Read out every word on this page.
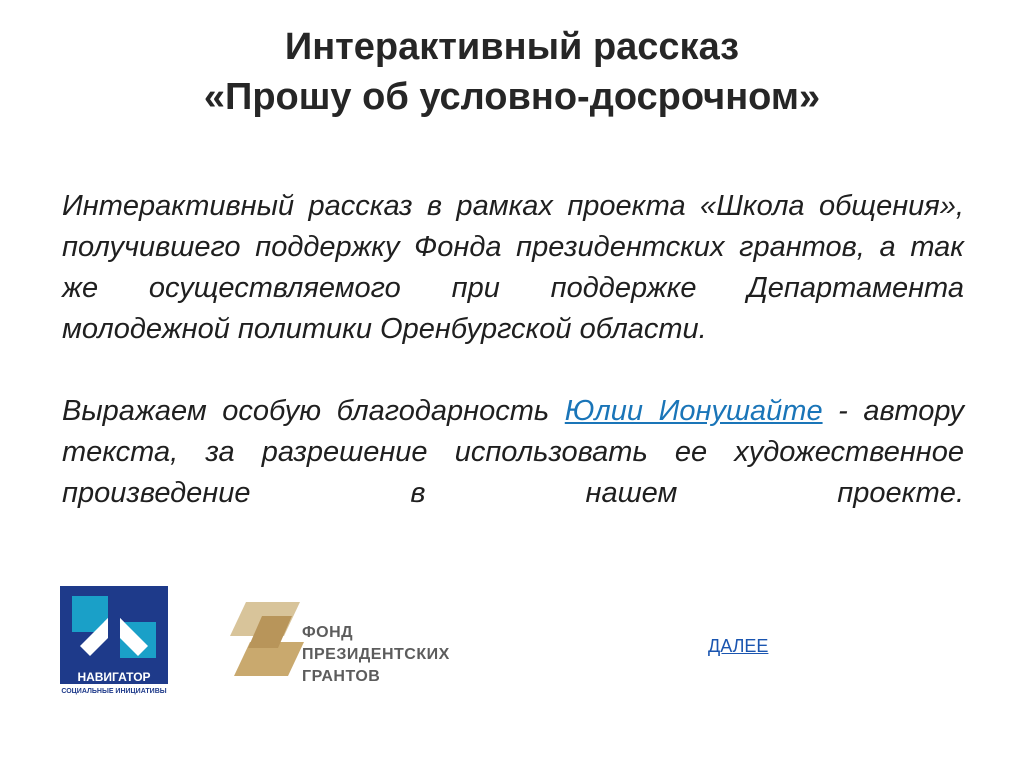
Интерактивный рассказ
«Прошу об условно-досрочном»

Интерактивный рассказ в рамках проекта «Школа общения», получившего поддержку Фонда президентских грантов, а так же осуществляемого при поддержке Департамента молодежной политики Оренбургской области.

Выражаем особую благодарность Юлии Ионушайте - автору текста, за разрешение использовать ее художественное произведение в нашем проекте.

НАВИГАТОР
СОЦИАЛЬНЫЕ ИНИЦИАТИВЫ
ФОНД
ПРЕЗИДЕНТСКИХ
ГРАНТОВ
ДАЛЕЕ
